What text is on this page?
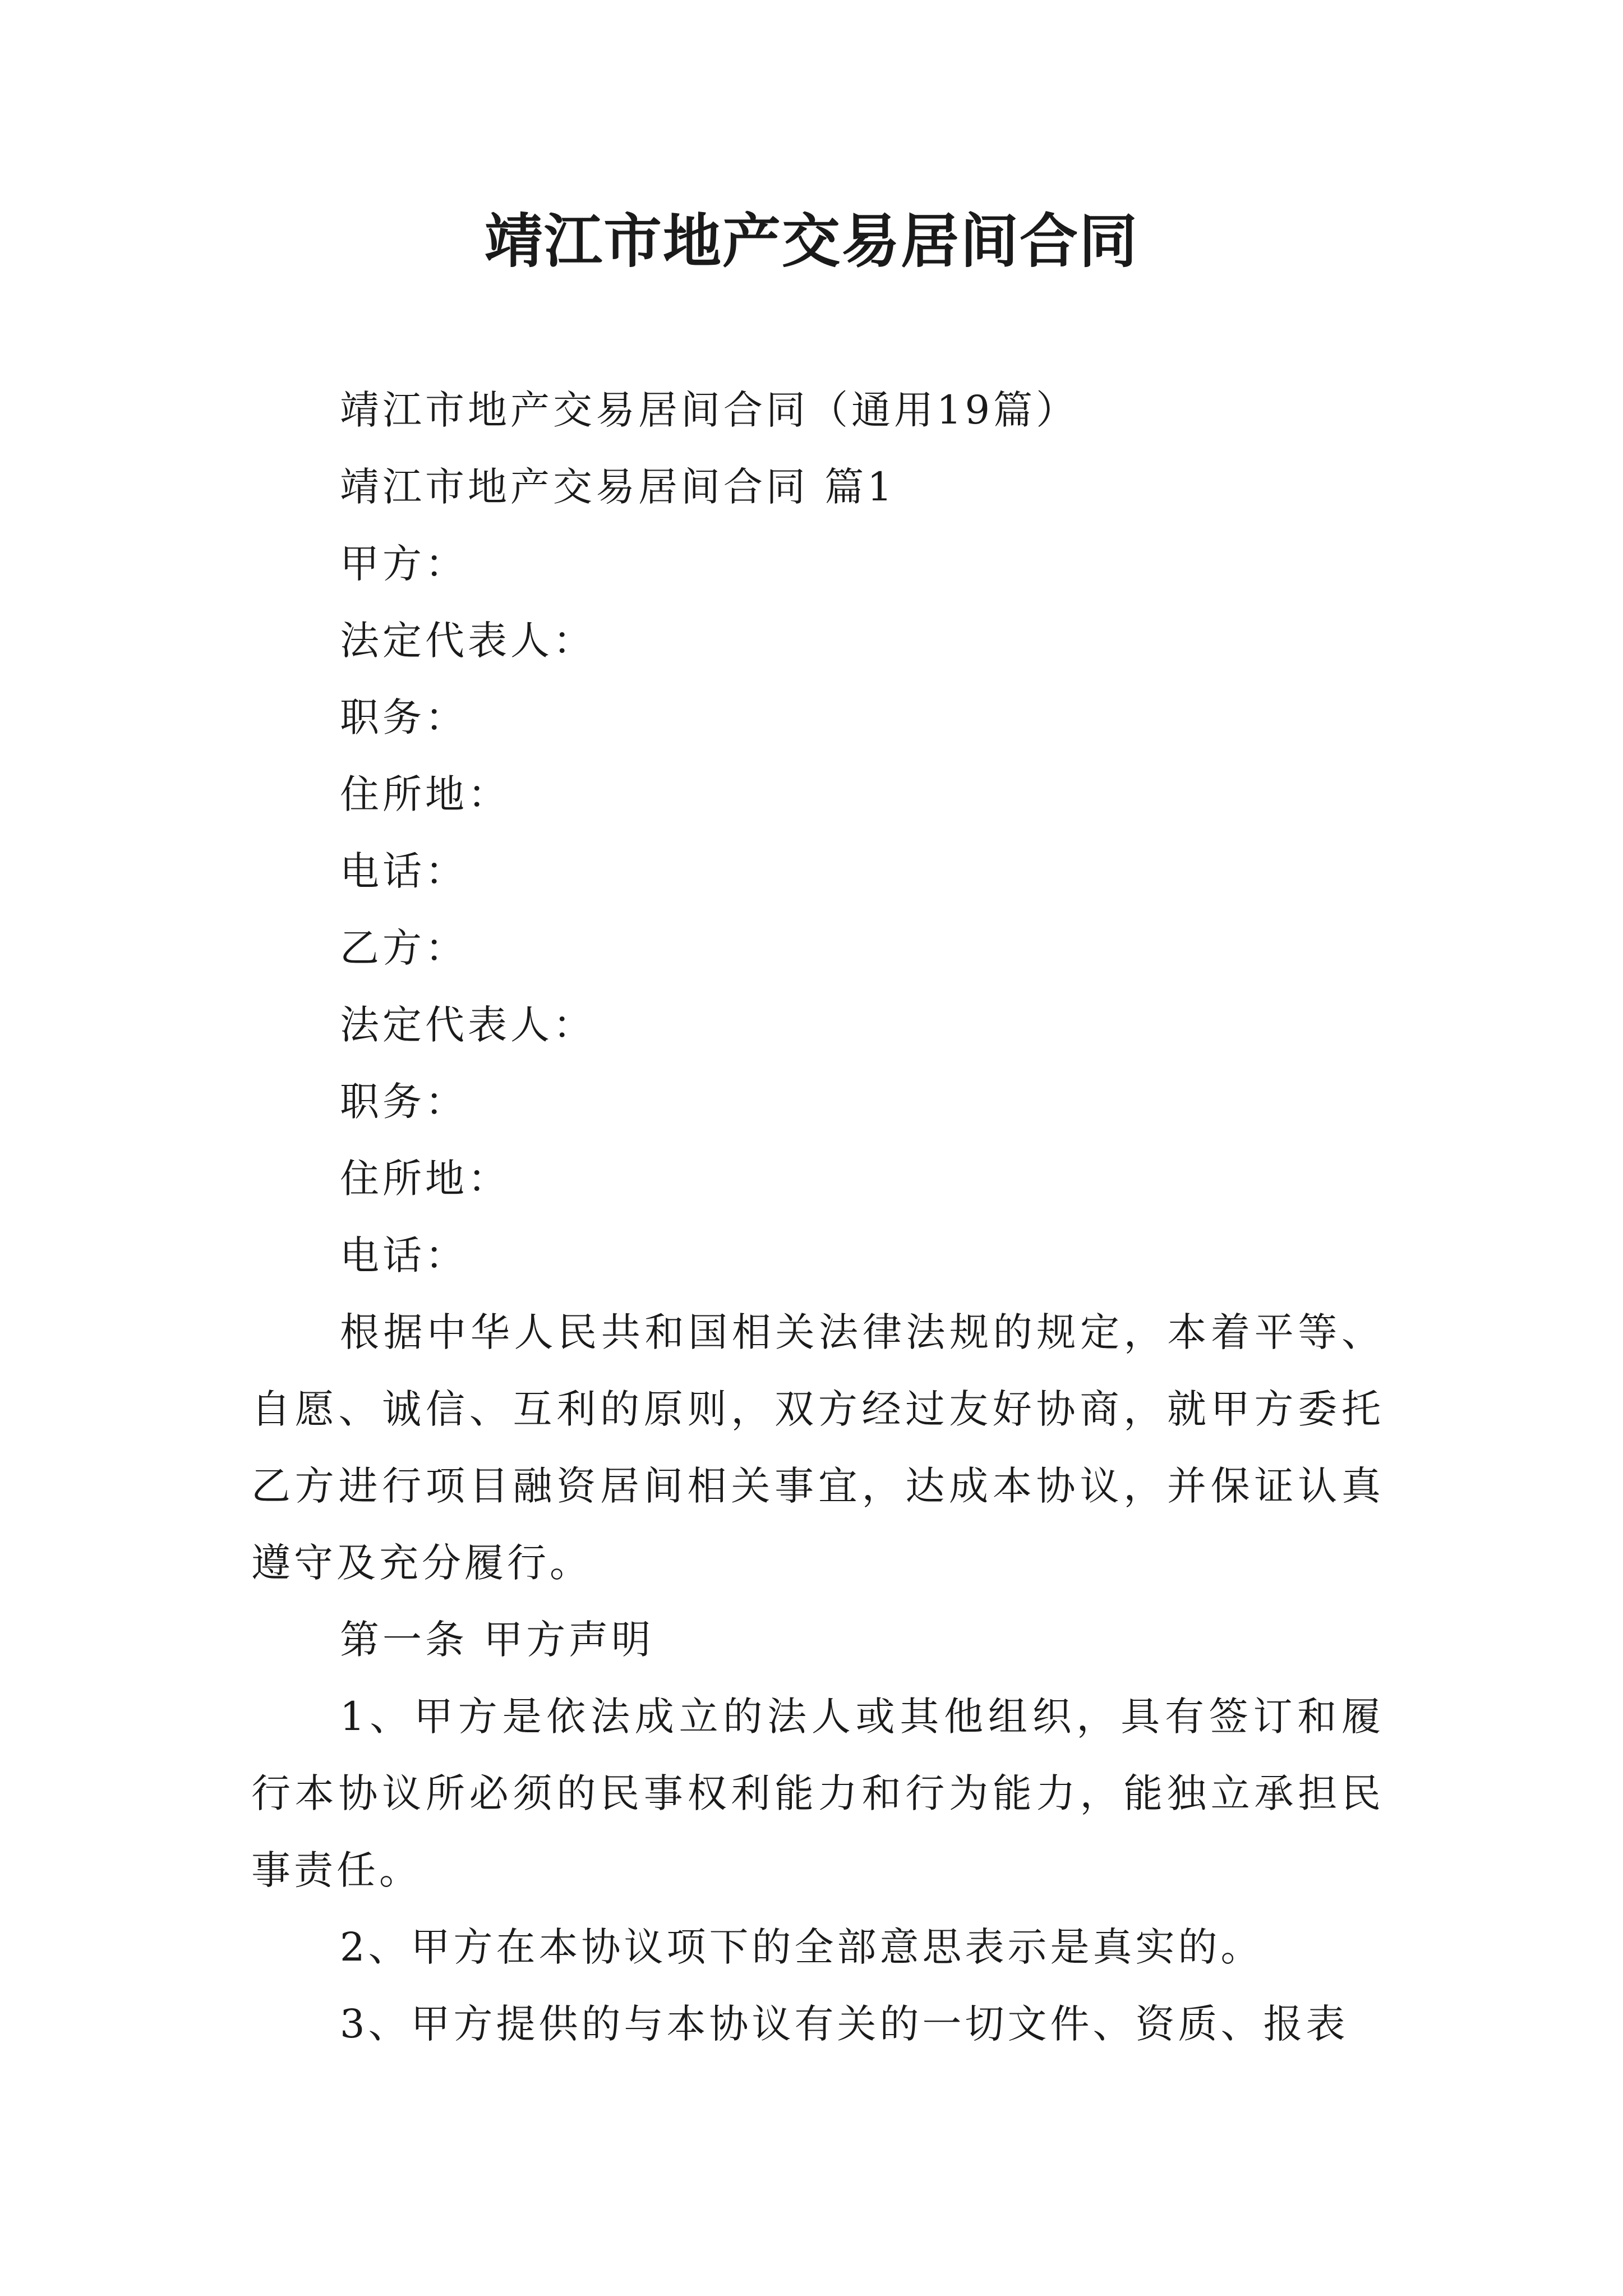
靖江市地产交易居间合同
靖江市地产交易居间合同（通用19篇）
靖江市地产交易居间合同 篇1
甲方：
法定代表人：
职务：
住所地：
电话：
乙方：
法定代表人：
职务：
住所地：
电话：
根据中华人民共和国相关法律法规的规定，本着平等、自愿、诚信、互利的原则，双方经过友好协商，就甲方委托乙方进行项目融资居间相关事宜，达成本协议，并保证认真遵守及充分履行。
第一条 甲方声明
1、甲方是依法成立的法人或其他组织，具有签订和履行本协议所必须的民事权利能力和行为能力，能独立承担民事责任。
2、甲方在本协议项下的全部意思表示是真实的。
3、甲方提供的与本协议有关的一切文件、资质、报表
